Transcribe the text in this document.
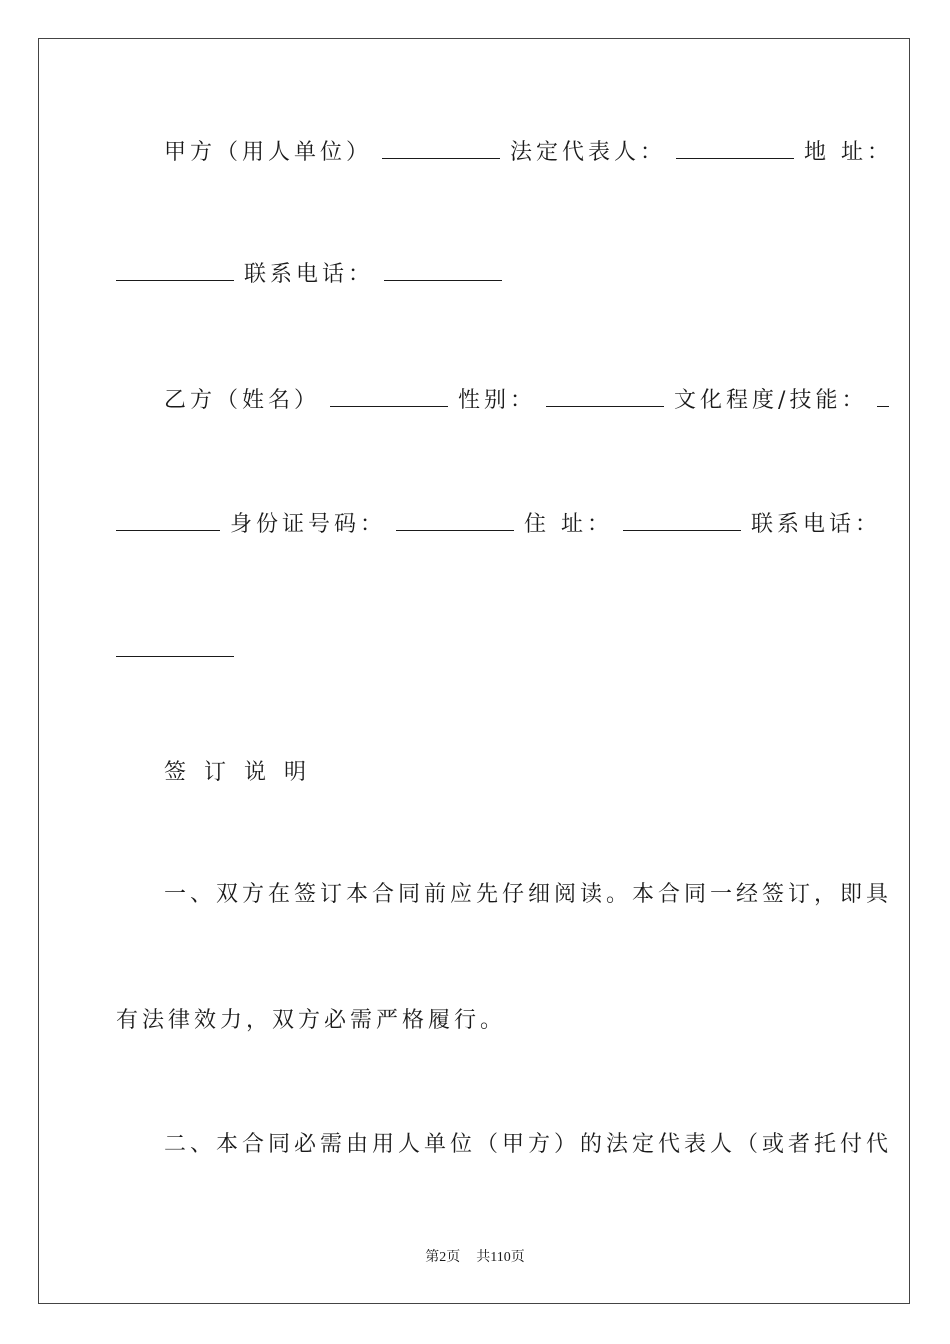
甲方（用人单位）	法定代表人：	地 址：
联系电话：
乙方（姓名）	性别：	文化程度/技能：
身份证号码：	住 址：	联系电话：
签订说明
一、双方在签订本合同前应先仔细阅读。本合同一经签订，即具
有法律效力，双方必需严格履行。
二、本合同必需由用人单位（甲方）的法定代表人（或者托付代
第2页 共110页
